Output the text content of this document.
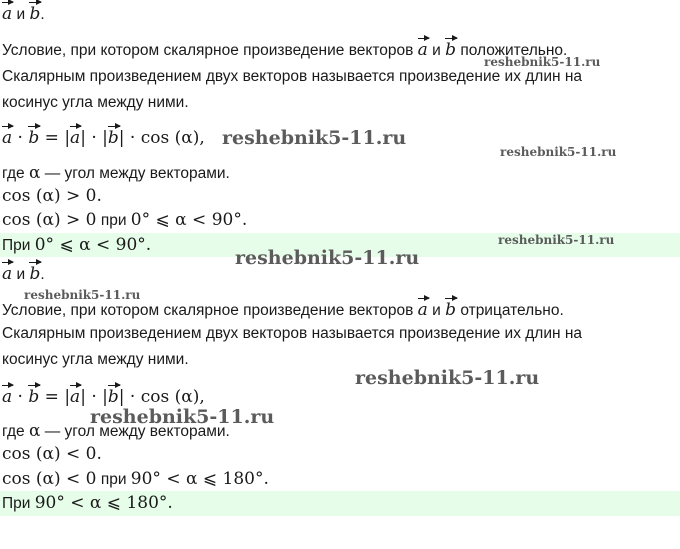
a и b.
Условие, при котором скалярное произведение векторов a и b положительно.
Скалярным произведением двух векторов называется произведение их длин на
косинус угла между ними.
a · b = |a| · |b| · cos (α),
где α — угол между векторами.
cos (α) > 0.
cos (α) > 0 при 0° ⩽ α < 90°.
При 0° ⩽ α < 90°.
a и b.
Условие, при котором скалярное произведение векторов a и b отрицательно.
Скалярным произведением двух векторов называется произведение их длин на
косинус угла между ними.
a · b = |a| · |b| · cos (α),
где α — угол между векторами.
cos (α) < 0.
cos (α) < 0 при 90° < α ⩽ 180°.
При 90° < α ⩽ 180°.
reshebnik5-11.ru
reshebnik5-11.ru
reshebnik5-11.ru
reshebnik5-11.ru
reshebnik5-11.ru
reshebnik5-11.ru
reshebnik5-11.ru
reshebnik5-11.ru
